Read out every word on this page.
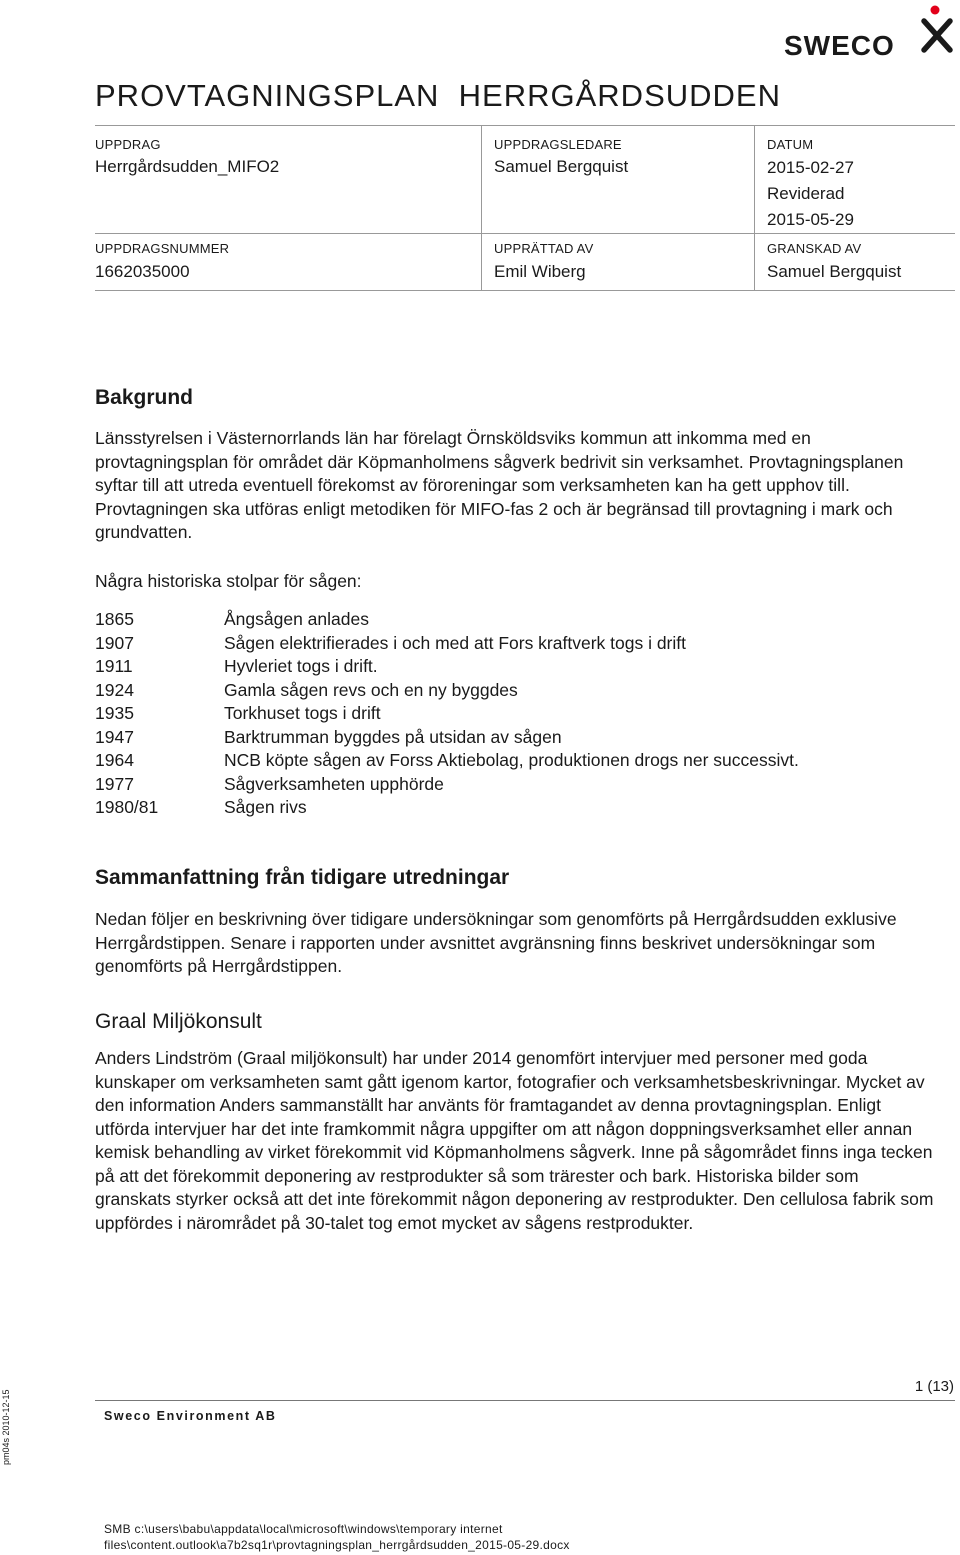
SWECO
PROVTAGNINGSPLAN  HERRGÅRDSUDDEN
UPPDRAG
Herrgårdsudden_MIFO2
UPPDRAGSLEDARE
Samuel Bergquist
DATUM
2015-02-27
Reviderad
2015-05-29
UPPDRAGSNUMMER
1662035000
UPPRÄTTAD AV
Emil Wiberg
GRANSKAD AV
Samuel Bergquist
Bakgrund

Länsstyrelsen i Västernorrlands län har förelagt Örnsköldsviks kommun att inkomma med en provtagningsplan för området där Köpmanholmens sågverk bedrivit sin verksamhet. Provtagningsplanen syftar till att utreda eventuell förekomst av föroreningar som verksamheten kan ha gett upphov till. Provtagningen ska utföras enligt metodiken för MIFO-fas 2 och är begränsad till provtagning i mark och grundvatten.

Några historiska stolpar för sågen:

1865	Ångsågen anlades
1907	Sågen elektrifierades i och med att Fors kraftverk togs i drift
1911	Hyvleriet togs i drift.
1924	Gamla sågen revs och en ny byggdes
1935	Torkhuset togs i drift
1947	Barktrumman byggdes på utsidan av sågen
1964	NCB köpte sågen av Forss Aktiebolag, produktionen drogs ner successivt.
1977	Sågverksamheten upphörde
1980/81	Sågen rivs
Sammanfattning från tidigare utredningar

Nedan följer en beskrivning över tidigare undersökningar som genomförts på Herrgårdsudden exklusive Herrgårdstippen. Senare i rapporten under avsnittet avgränsning finns beskrivet undersökningar som genomförts på Herrgårdstippen.

Graal Miljökonsult

Anders Lindström (Graal miljökonsult) har under 2014 genomfört intervjuer med personer med goda kunskaper om verksamheten samt gått igenom kartor, fotografier och verksamhetsbeskrivningar. Mycket av den information Anders sammanställt har använts för framtagandet av denna provtagningsplan. Enligt utförda intervjuer har det inte framkommit några uppgifter om att någon doppningsverksamhet eller annan kemisk behandling av virket förekommit vid Köpmanholmens sågverk. Inne på sågområdet finns inga tecken på att det förekommit deponering av restprodukter så som trärester och bark. Historiska bilder som granskats styrker också att det inte förekommit någon deponering av restprodukter. Den cellulosa fabrik som uppfördes i närområdet på 30-talet tog emot mycket av sågens restprodukter.

pm04s 2010-12-15
1 (13)
Sweco Environment AB
SMB c:\users\babu\appdata\local\microsoft\windows\temporary internet files\content.outlook\a7b2sq1r\provtagningsplan_herrgårdsudden_2015-05-29.docx
